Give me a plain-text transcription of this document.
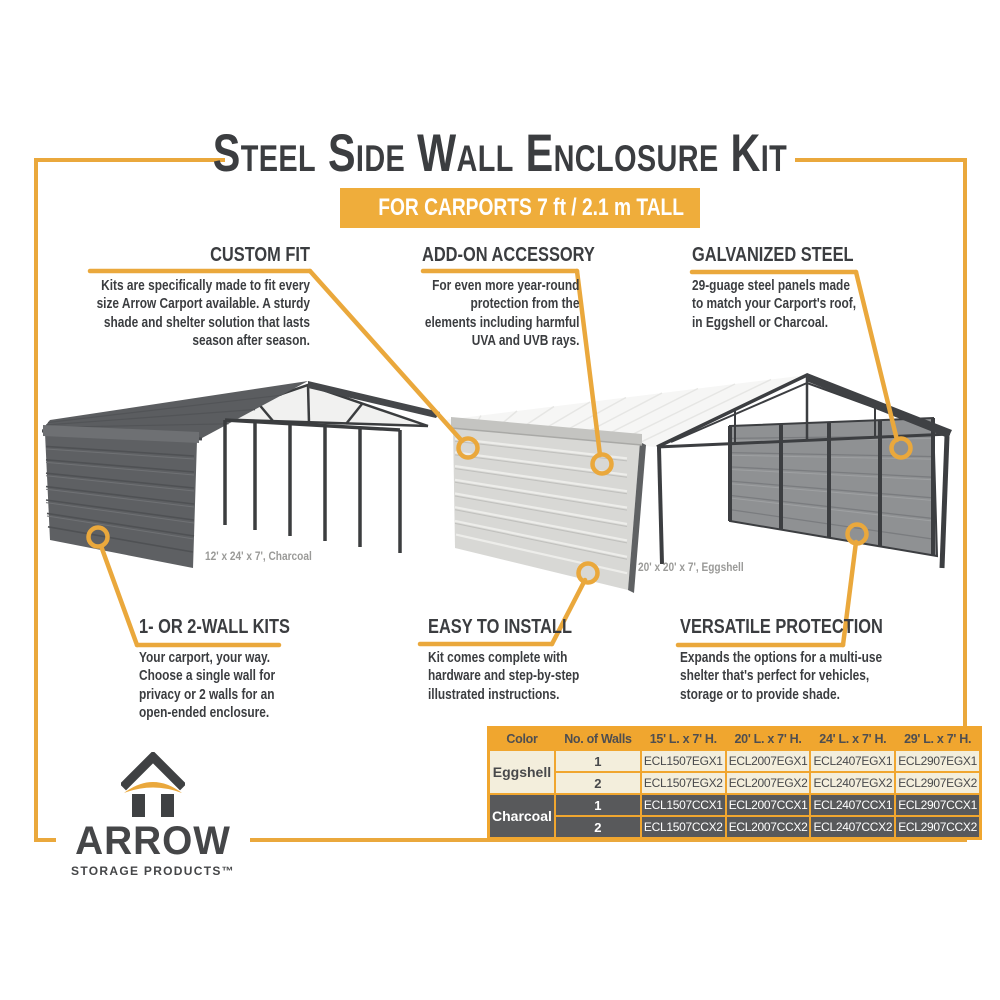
Steel Side Wall Enclosure Kit
FOR CARPORTS 7 ft / 2.1 m TALL
CUSTOM FIT
Kits are specifically made to fit every size Arrow Carport available. A sturdy shade and shelter solution that lasts season after season.
ADD-ON ACCESSORY
For even more year-round protection from the elements including harmful UVA and UVB rays.
GALVANIZED STEEL
29-guage steel panels made to match your Carport's roof, in Eggshell or Charcoal.
1- OR 2-WALL KITS
Your carport, your way. Choose a single wall for privacy or 2 walls for an open-ended enclosure.
EASY TO INSTALL
Kit comes complete with hardware and step-by-step illustrated instructions.
VERSATILE PROTECTION
Expands the options for a multi-use shelter that's perfect for vehicles, storage or to provide shade.
12' x 24' x 7', Charcoal
20' x 20' x 7', Eggshell
Color	No. of Walls	15' L. x 7' H.	20' L. x 7' H.	24' L. x 7' H.	29' L. x 7' H.
Eggshell	1	ECL1507EGX1	ECL2007EGX1	ECL2407EGX1	ECL2907EGX1
	2	ECL1507EGX2	ECL2007EGX2	ECL2407EGX2	ECL2907EGX2
Charcoal	1	ECL1507CCX1	ECL2007CCX1	ECL2407CCX1	ECL2907CCX1
	2	ECL1507CCX2	ECL2007CCX2	ECL2407CCX2	ECL2907CCX2
ARROW
STORAGE PRODUCTS™
